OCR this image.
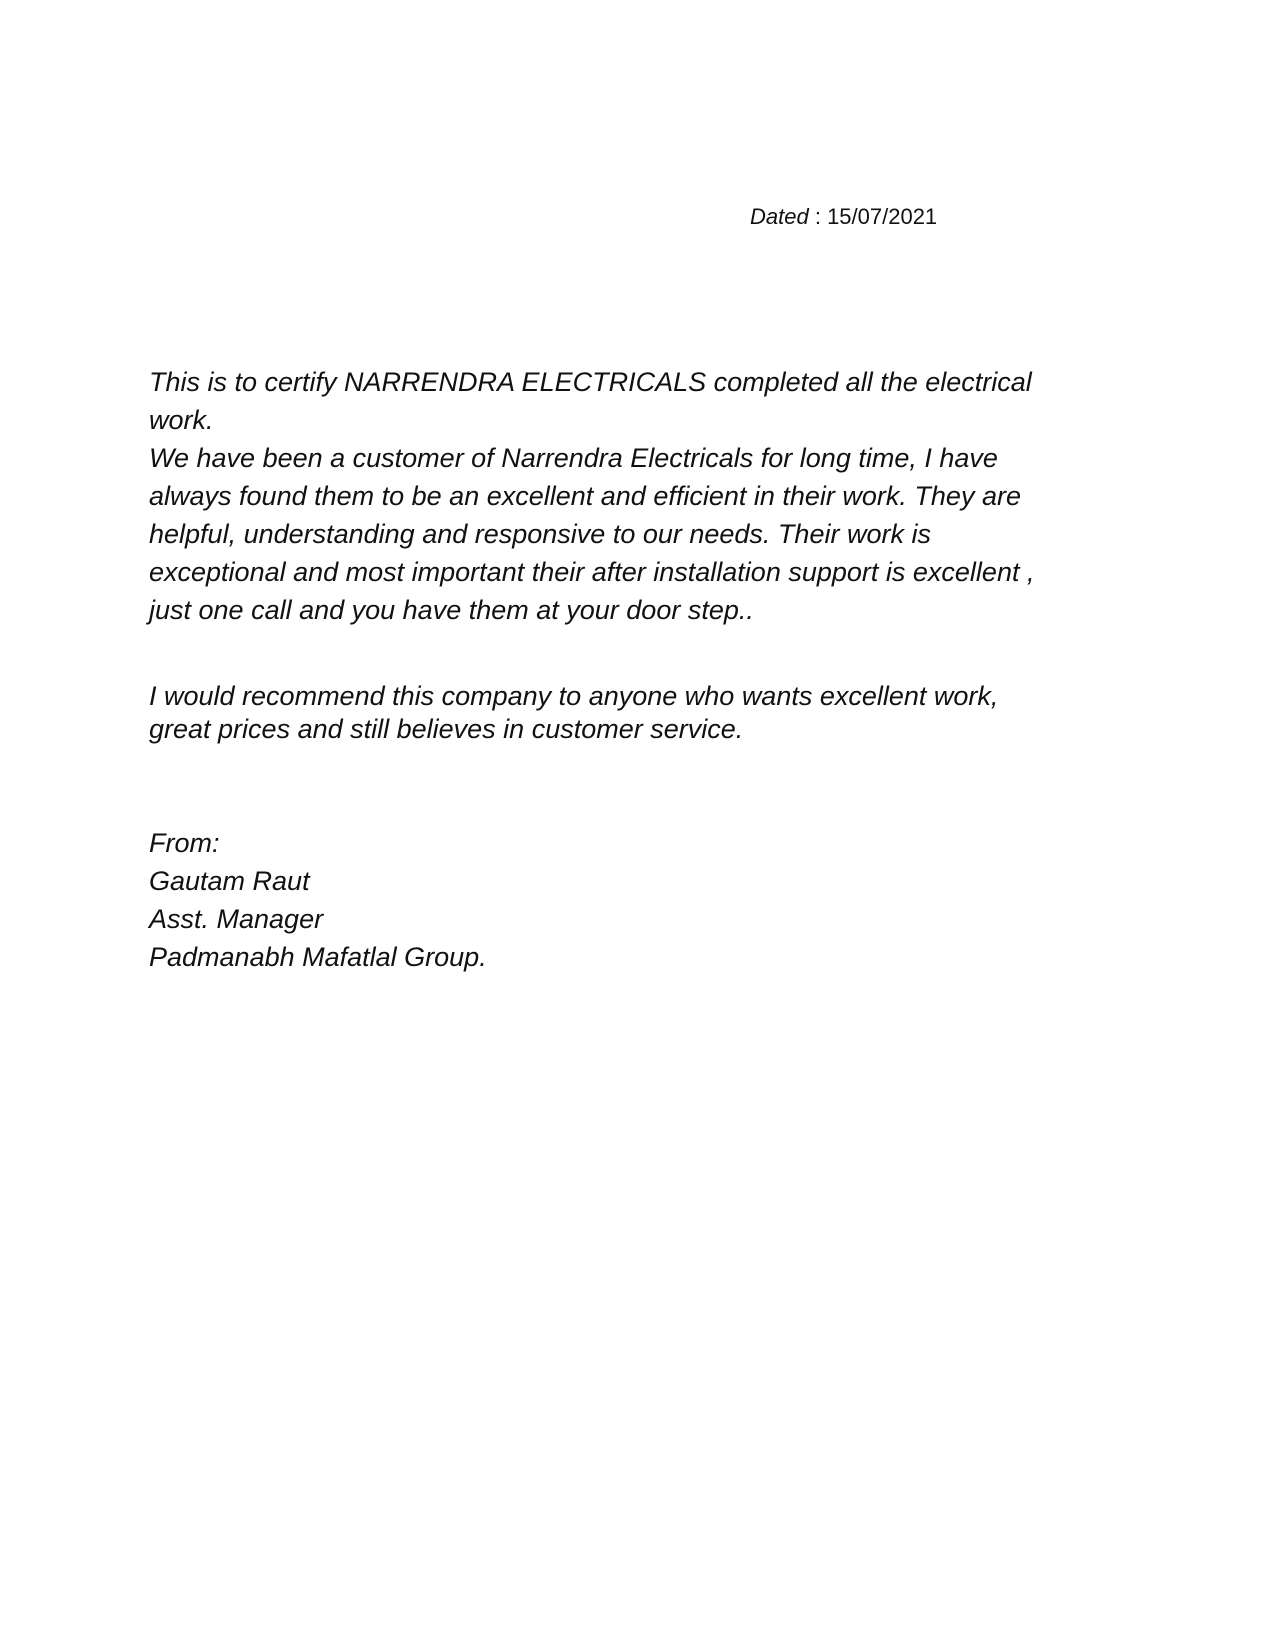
Dated : 15/07/2021
This is to certify NARRENDRA ELECTRICALS completed all the electrical
work.
We have been a customer of Narrendra Electricals for long time, I have
always found them to be an excellent and efficient in their work. They are
helpful, understanding and responsive to our needs. Their work is
exceptional and most important their after installation support is excellent ,
just one call and you have them at your door step..
I would recommend this company to anyone who wants excellent work,
great prices and still believes in customer service.
From:
Gautam Raut
Asst. Manager
Padmanabh Mafatlal Group.
